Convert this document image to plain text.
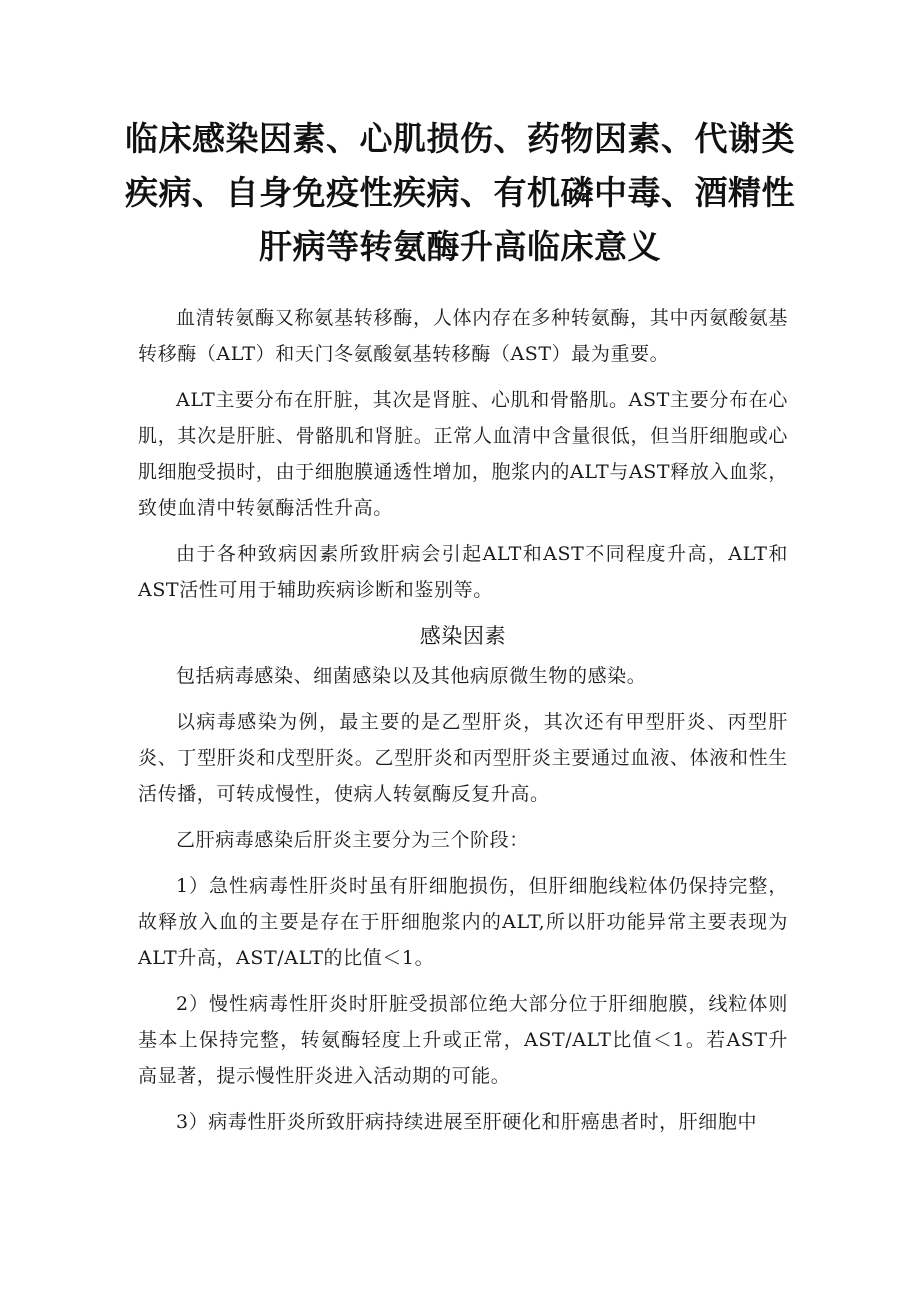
临床感染因素、心肌损伤、药物因素、代谢类疾病、自身免疫性疾病、有机磷中毒、酒精性肝病等转氨酶升高临床意义

血清转氨酶又称氨基转移酶，人体内存在多种转氨酶，其中丙氨酸氨基转移酶（ALT）和天门冬氨酸氨基转移酶（AST）最为重要。

ALT主要分布在肝脏，其次是肾脏、心肌和骨骼肌。AST主要分布在心肌，其次是肝脏、骨骼肌和肾脏。正常人血清中含量很低，但当肝细胞或心肌细胞受损时，由于细胞膜通透性增加，胞浆内的ALT与AST释放入血浆，致使血清中转氨酶活性升高。

由于各种致病因素所致肝病会引起ALT和AST不同程度升高，ALT和AST活性可用于辅助疾病诊断和鉴别等。

感染因素

包括病毒感染、细菌感染以及其他病原微生物的感染。

以病毒感染为例，最主要的是乙型肝炎，其次还有甲型肝炎、丙型肝炎、丁型肝炎和戊型肝炎。乙型肝炎和丙型肝炎主要通过血液、体液和性生活传播，可转成慢性，使病人转氨酶反复升高。

乙肝病毒感染后肝炎主要分为三个阶段：

1）急性病毒性肝炎时虽有肝细胞损伤，但肝细胞线粒体仍保持完整，故释放入血的主要是存在于肝细胞浆内的ALT,所以肝功能异常主要表现为ALT升高，AST/ALT的比值＜1。

2）慢性病毒性肝炎时肝脏受损部位绝大部分位于肝细胞膜，线粒体则基本上保持完整，转氨酶轻度上升或正常，AST/ALT比值＜1。若AST升高显著，提示慢性肝炎进入活动期的可能。

3）病毒性肝炎所致肝病持续进展至肝硬化和肝癌患者时，肝细胞中
